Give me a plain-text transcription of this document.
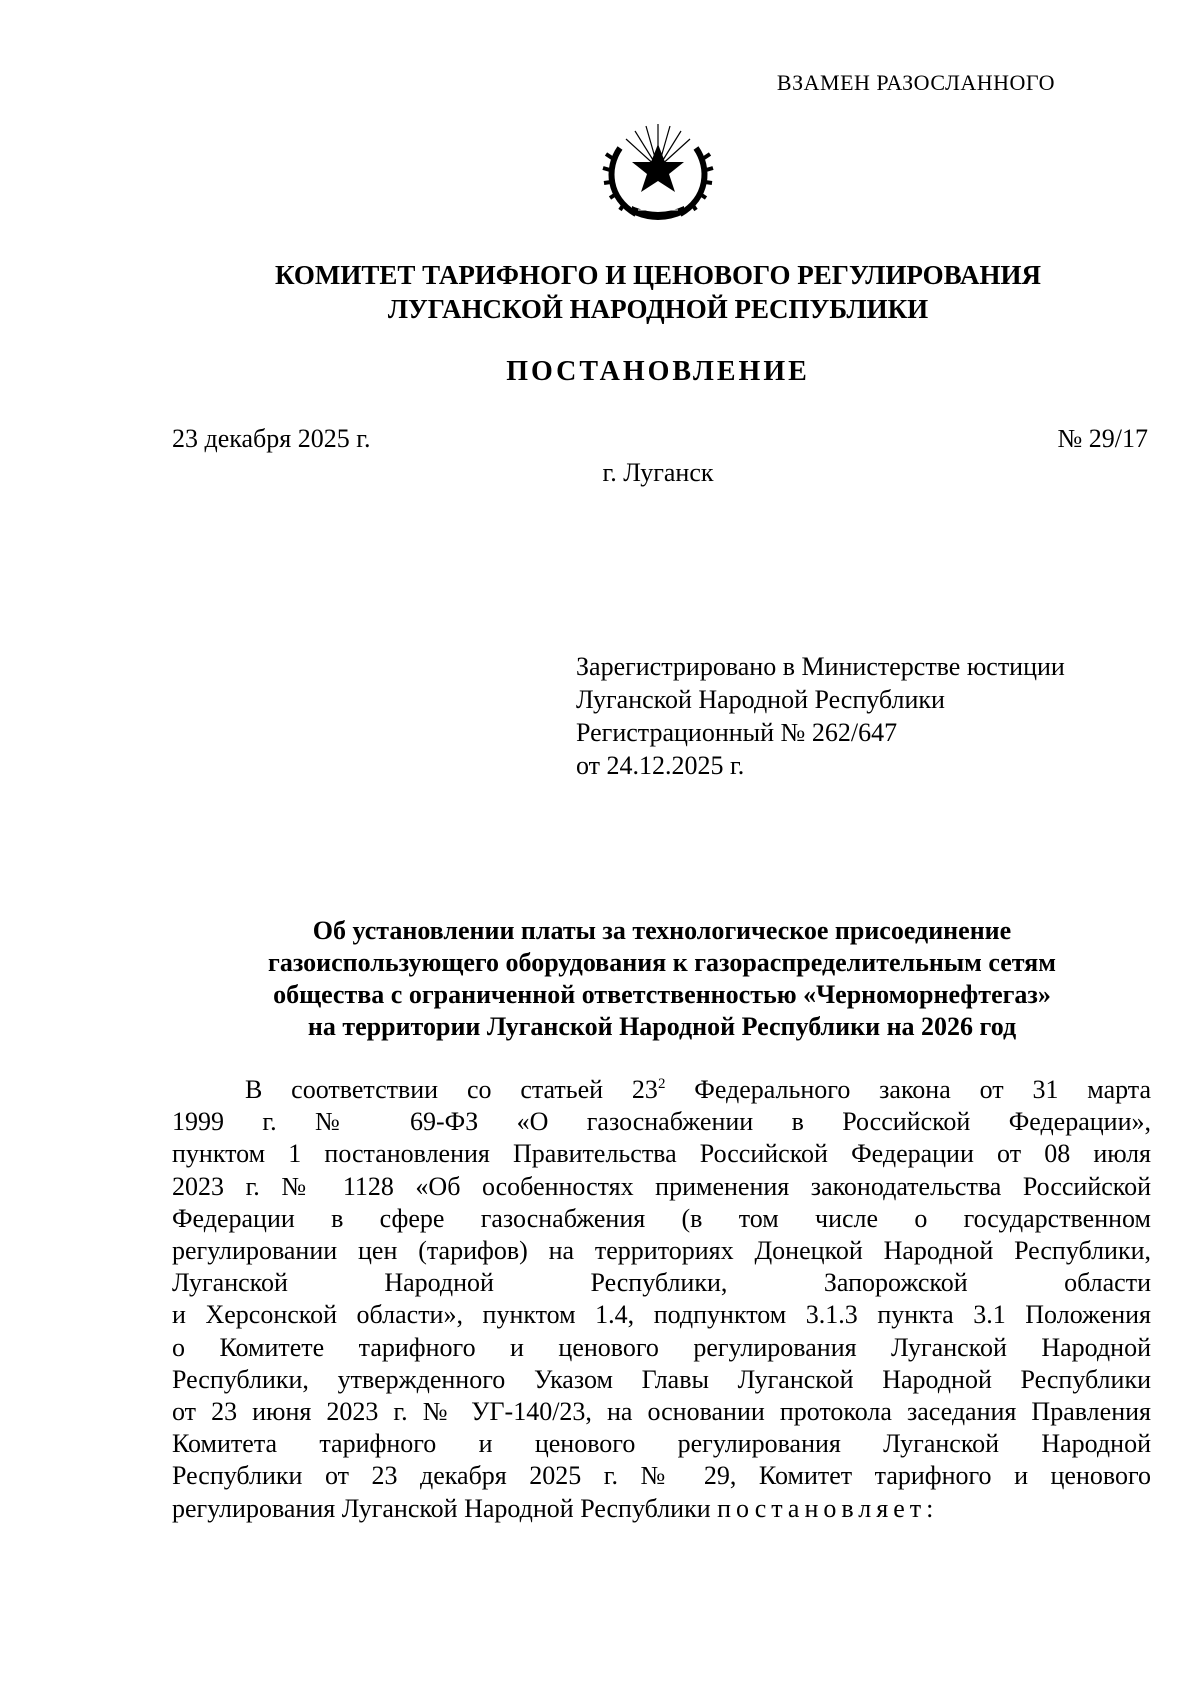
ВЗАМЕН РАЗОСЛАННОГО
КОМИТЕТ ТАРИФНОГО И ЦЕНОВОГО РЕГУЛИРОВАНИЯ
ЛУГАНСКОЙ НАРОДНОЙ РЕСПУБЛИКИ
ПОСТАНОВЛЕНИЕ
23 декабря 2025 г.	№ 29/17
г. Луганск
Зарегистрировано в Министерстве юстиции
Луганской Народной Республики
Регистрационный № 262/647
от 24.12.2025 г.
Об установлении платы за технологическое присоединение
газоиспользующего оборудования к газораспределительным сетям
общества с ограниченной ответственностью «Черноморнефтегаз»
на территории Луганской Народной Республики на 2026 год
В соответствии со статьей $23^2$ Федерального закона от 31 марта
1999 г. № 69-ФЗ «О газоснабжении в Российской Федерации»,
пунктом 1 постановления Правительства Российской Федерации от 08 июля
2023 г. № 1128 «Об особенностях применения законодательства Российской
Федерации в сфере газоснабжения (в том числе о государственном
регулировании цен (тарифов) на территориях Донецкой Народной Республики,
Луганской Народной Республики, Запорожской области
и Херсонской области», пунктом 1.4, подпунктом 3.1.3 пункта 3.1 Положения
о Комитете тарифного и ценового регулирования Луганской Народной
Республики, утвержденного Указом Главы Луганской Народной Республики
от 23 июня 2023 г. № УГ-140/23, на основании протокола заседания Правления
Комитета тарифного и ценового регулирования Луганской Народной
Республики от 23 декабря 2025 г. № 29, Комитет тарифного и ценового
регулирования Луганской Народной Республики постановляет:
